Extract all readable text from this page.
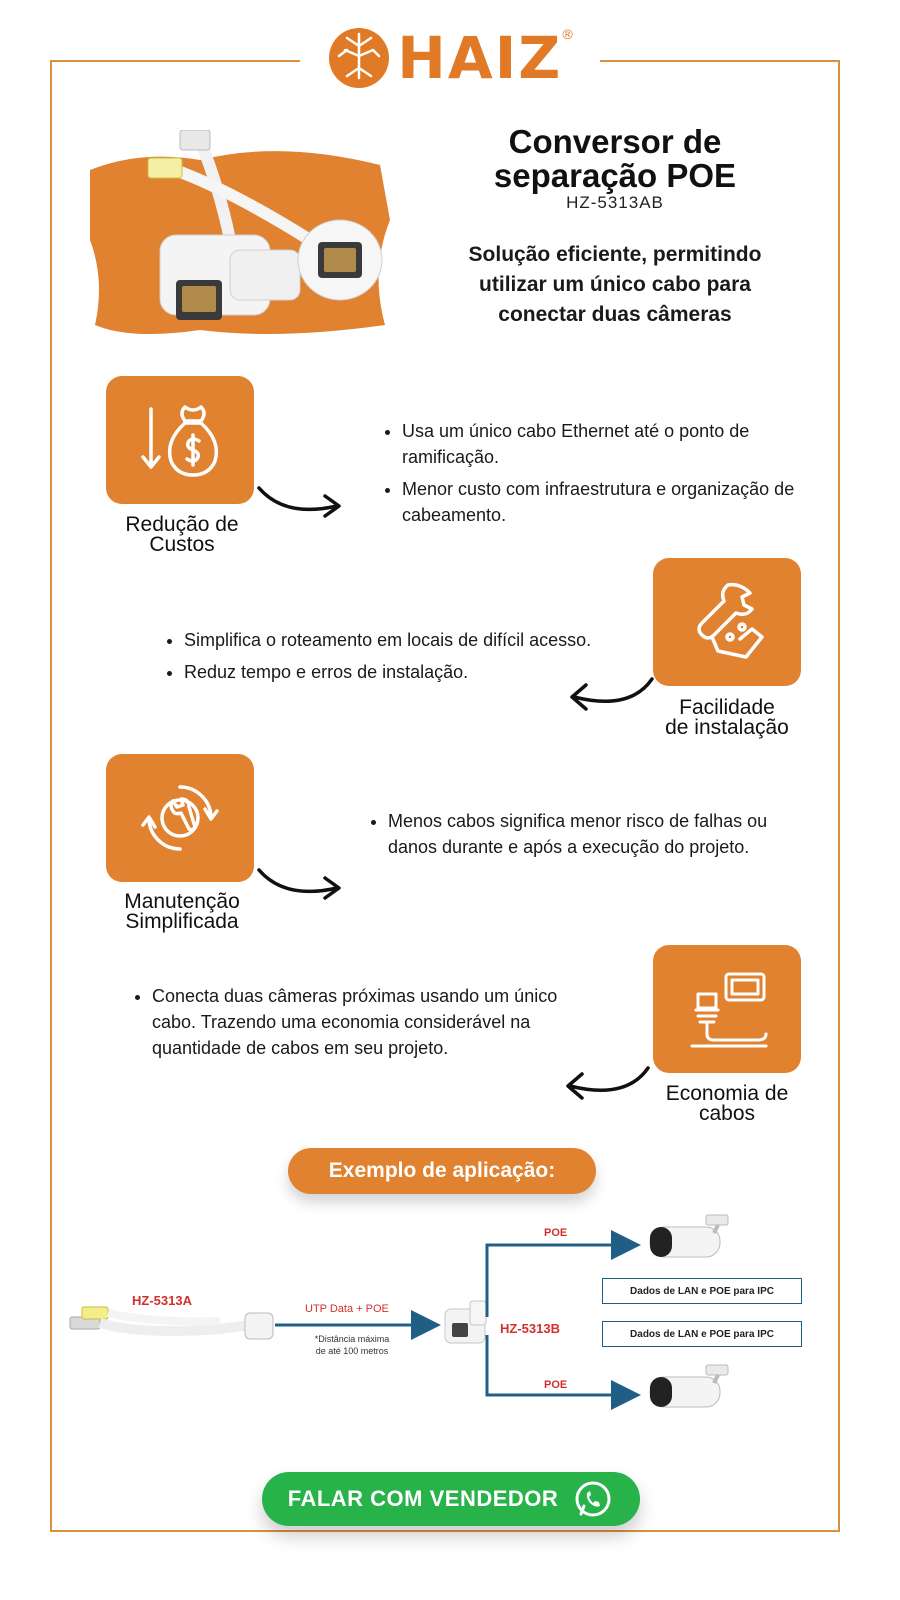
HAIZ ®
Conversor de
separação POE
HZ-5313AB
Solução eficiente, permitindo
utilizar um único cabo para
conectar duas câmeras
Redução de
Custos
• Usa um único cabo Ethernet até o ponto de ramificação.
• Menor custo com infraestrutura e organização de cabeamento.
Facilidade
de instalação
• Simplifica o roteamento em locais de difícil acesso.
• Reduz tempo e erros de instalação.
Manutenção
Simplificada
• Menos cabos significa menor risco de falhas ou danos durante e após a execução do projeto.
Economia de
cabos
• Conecta duas câmeras próximas usando um único cabo. Trazendo uma economia considerável na quantidade de cabos em seu projeto.
Exemplo de aplicação:
HZ-5313A
UTP Data + POE
*Distância máxima
de até 100 metros
HZ-5313B
POE
POE
Dados de LAN e POE para IPC
Dados de LAN e POE para IPC
FALAR COM VENDEDOR
